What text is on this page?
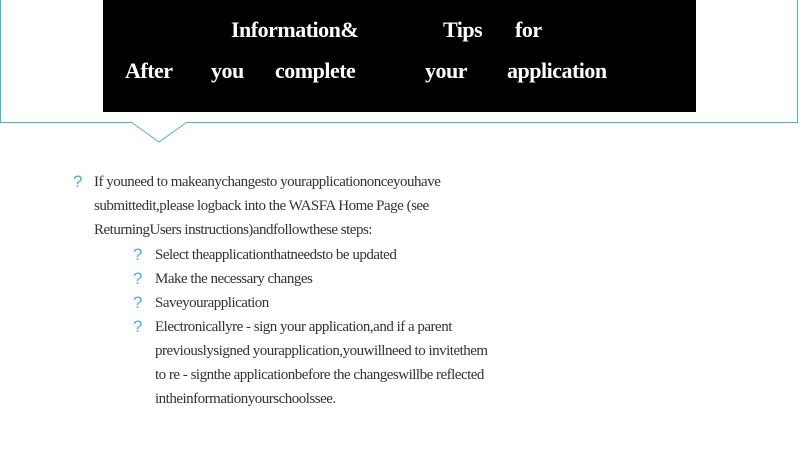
Information&	Tips for
After you complete	your application
? If youneed to makeanychangesto yourapplicationonceyouhave
submittedit,please logback into the WASFA Home Page (see
ReturningUsers instructions)andfollowthese steps:
? Select theapplicationthatneedsto be updated
? Make the necessary changes
? Saveyourapplication
? Electronicallyre - sign your application,and if a parent
previouslysigned yourapplication,youwillneed to invitethem
to re - signthe applicationbefore the changeswillbe reflected
intheinformationyourschoolssee.
